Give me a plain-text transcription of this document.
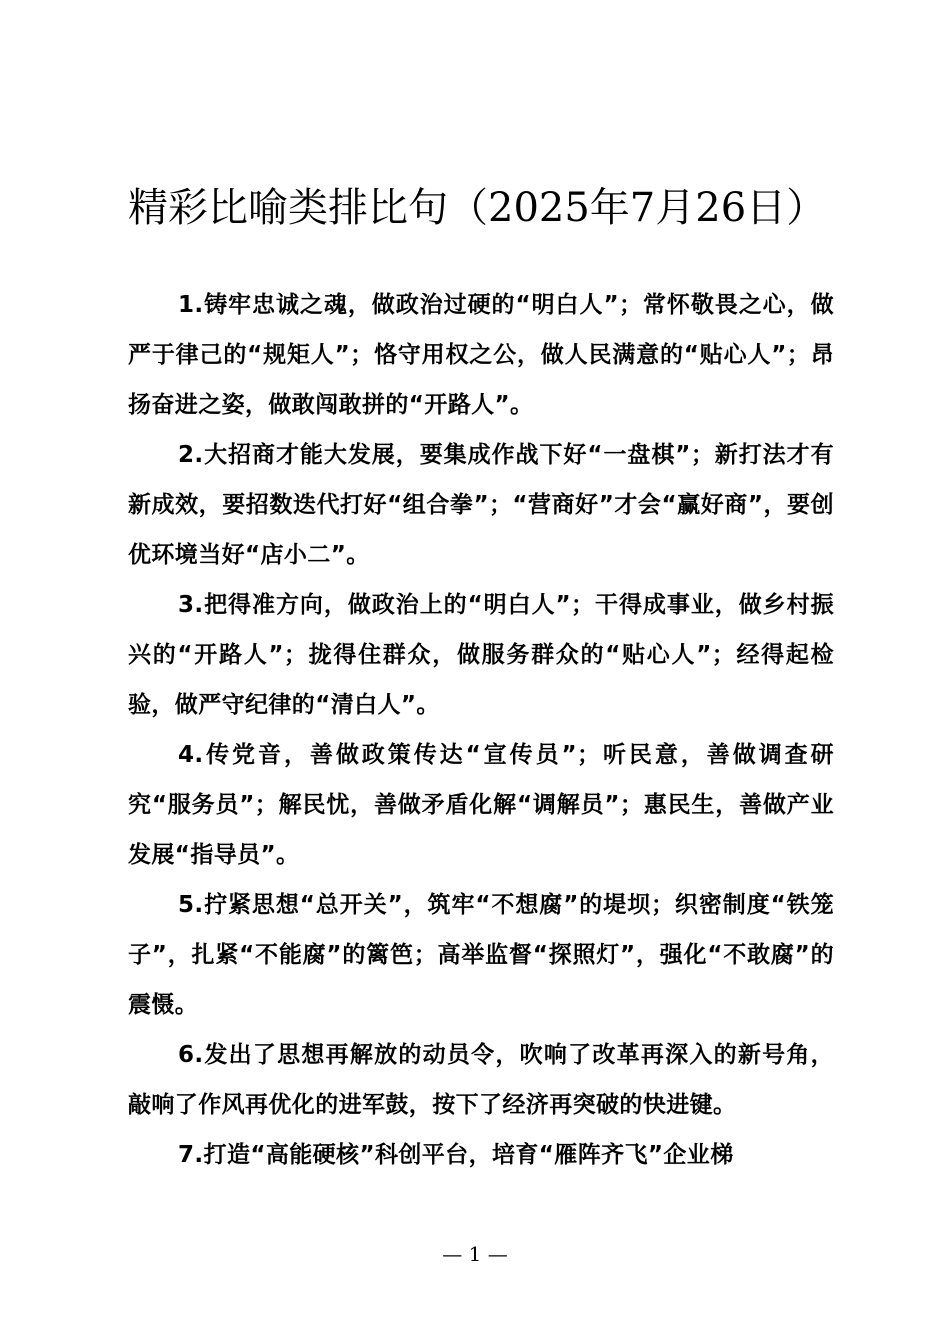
精彩比喻类排比句（2025年7月26日）

1.铸牢忠诚之魂，做政治过硬的“明白人”；常怀敬畏之心，做严于律己的“规矩人”；恪守用权之公，做人民满意的“贴心人”；昂扬奋进之姿，做敢闯敢拼的“开路人”。

2.大招商才能大发展，要集成作战下好“一盘棋”；新打法才有新成效，要招数迭代打好“组合拳”；“营商好”才会“赢好商”，要创优环境当好“店小二”。

3.把得准方向，做政治上的“明白人”；干得成事业，做乡村振兴的“开路人”；拢得住群众，做服务群众的“贴心人”；经得起检验，做严守纪律的“清白人”。

4.传党音，善做政策传达“宣传员”；听民意，善做调查研究“服务员”；解民忧，善做矛盾化解“调解员”；惠民生，善做产业发展“指导员”。

5.拧紧思想“总开关”，筑牢“不想腐”的堤坝；织密制度“铁笼子”，扎紧“不能腐”的篱笆；高举监督“探照灯”，强化“不敢腐”的震慑。

6.发出了思想再解放的动员令，吹响了改革再深入的新号角，敲响了作风再优化的进军鼓，按下了经济再突破的快进键。

7.打造“高能硬核”科创平台，培育“雁阵齐飞”企业梯

— 1 —
